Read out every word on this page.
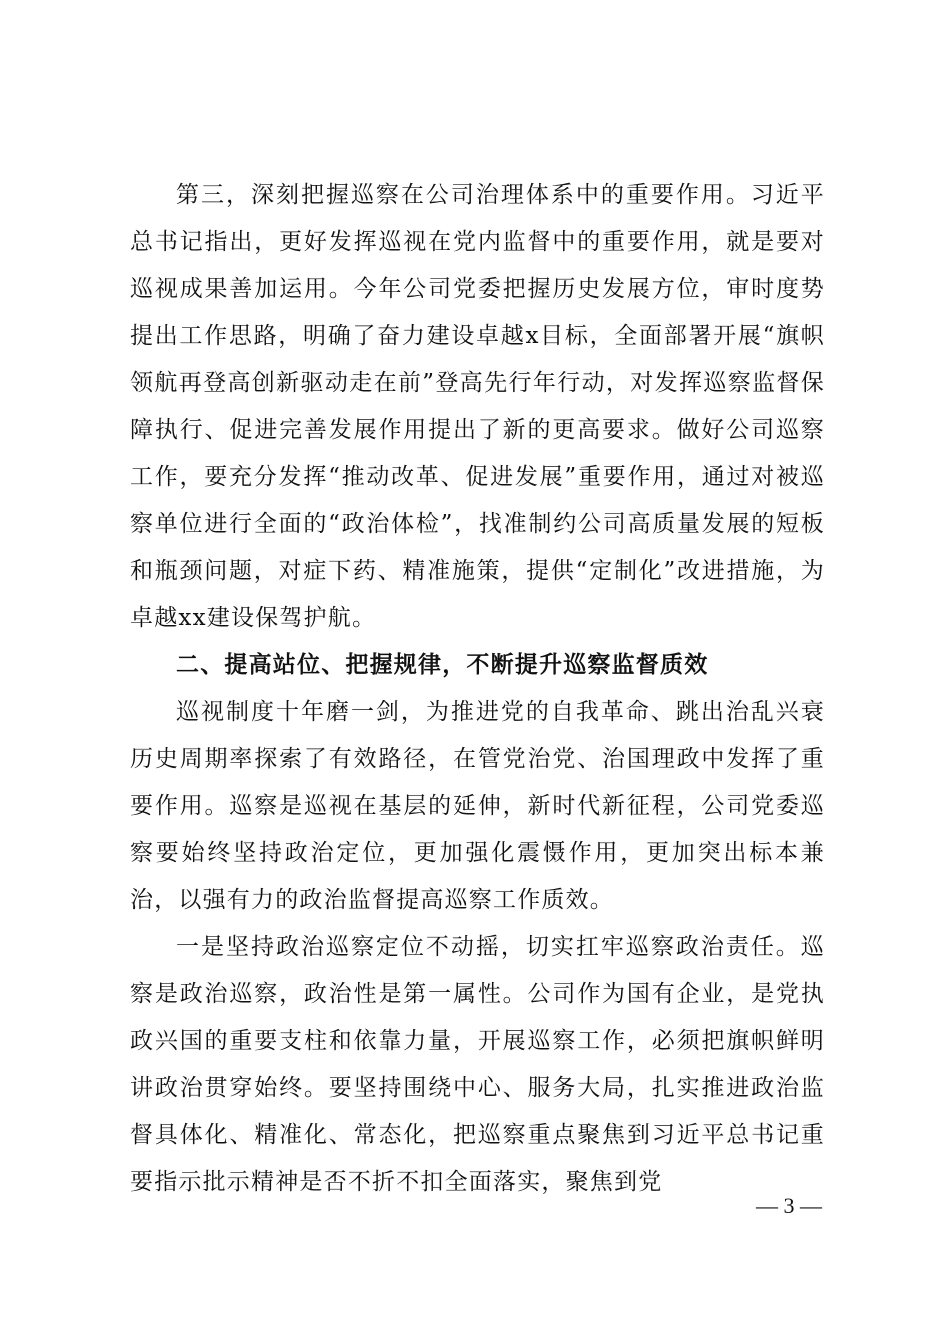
第三，深刻把握巡察在公司治理体系中的重要作用。习近平总书记指出，更好发挥巡视在党内监督中的重要作用，就是要对巡视成果善加运用。今年公司党委把握历史发展方位，审时度势提出工作思路，明确了奋力建设卓越x目标，全面部署开展“旗帜领航再登高创新驱动走在前”登高先行年行动，对发挥巡察监督保障执行、促进完善发展作用提出了新的更高要求。做好公司巡察工作，要充分发挥“推动改革、促进发展”重要作用，通过对被巡察单位进行全面的“政治体检”，找准制约公司高质量发展的短板和瓶颈问题，对症下药、精准施策，提供“定制化”改进措施，为卓越xx建设保驾护航。

二、提高站位、把握规律，不断提升巡察监督质效

巡视制度十年磨一剑，为推进党的自我革命、跳出治乱兴衰历史周期率探索了有效路径，在管党治党、治国理政中发挥了重要作用。巡察是巡视在基层的延伸，新时代新征程，公司党委巡察要始终坚持政治定位，更加强化震慑作用，更加突出标本兼治，以强有力的政治监督提高巡察工作质效。

一是坚持政治巡察定位不动摇，切实扛牢巡察政治责任。巡察是政治巡察，政治性是第一属性。公司作为国有企业，是党执政兴国的重要支柱和依靠力量，开展巡察工作，必须把旗帜鲜明讲政治贯穿始终。要坚持围绕中心、服务大局，扎实推进政治监督具体化、精准化、常态化，把巡察重点聚焦到习近平总书记重要指示批示精神是否不折不扣全面落实，聚焦到党

— 3 —
